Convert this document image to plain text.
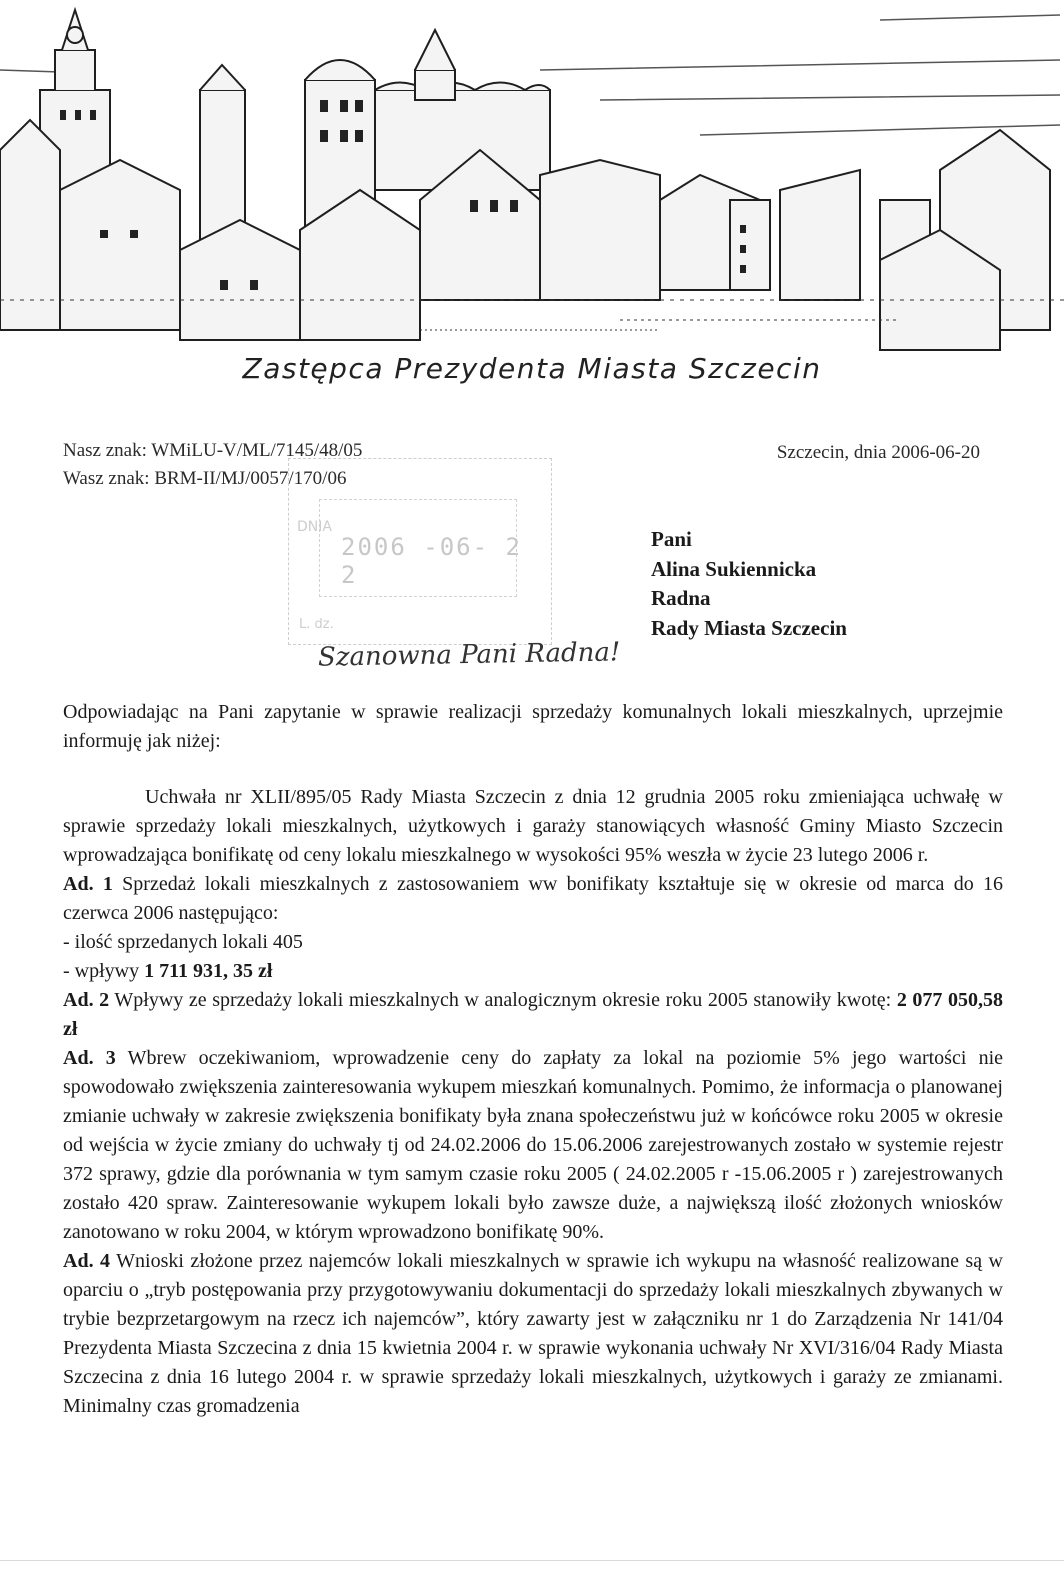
Zastępca Prezydenta Miasta Szczecin
Nasz znak: WMiLU-V/ML/7145/48/05
Wasz znak: BRM-II/MJ/0057/170/06
Szczecin, dnia 2006-06-20
DNIA
2006 -06- 2 2
L. dz.
Pani
Alina Sukiennicka
Radna
Rady Miasta Szczecin
Szanowna Pani Radna!
Odpowiadając na Pani zapytanie w sprawie realizacji sprzedaży komunalnych lokali mieszkalnych, uprzejmie informuję jak niżej:

Uchwała nr XLII/895/05 Rady Miasta Szczecin z dnia 12 grudnia 2005 roku zmieniająca uchwałę w sprawie sprzedaży lokali mieszkalnych, użytkowych i garaży stanowiących własność Gminy Miasto Szczecin wprowadzająca bonifikatę od ceny lokalu mieszkalnego w wysokości 95% weszła w życie 23 lutego 2006 r.

Ad. 1 Sprzedaż lokali mieszkalnych z zastosowaniem ww bonifikaty kształtuje się w okresie od marca do 16 czerwca 2006 następująco:

- ilość sprzedanych lokali 405

- wpływy 1 711 931, 35 zł

Ad. 2 Wpływy ze sprzedaży lokali mieszkalnych w analogicznym okresie roku 2005 stanowiły kwotę: 2 077 050,58 zł

Ad. 3 Wbrew oczekiwaniom, wprowadzenie ceny do zapłaty za lokal na poziomie 5% jego wartości nie spowodowało zwiększenia zainteresowania wykupem mieszkań komunalnych. Pomimo, że informacja o planowanej zmianie uchwały w zakresie zwiększenia bonifikaty była znana społeczeństwu już w końcówce roku 2005 w okresie od wejścia w życie zmiany do uchwały tj od 24.02.2006 do 15.06.2006 zarejestrowanych zostało w systemie rejestr 372 sprawy, gdzie dla porównania w tym samym czasie roku 2005 ( 24.02.2005 r -15.06.2005 r ) zarejestrowanych zostało 420 spraw. Zainteresowanie wykupem lokali było zawsze duże, a największą ilość złożonych wniosków zanotowano w roku 2004, w którym wprowadzono bonifikatę 90%.

Ad. 4 Wnioski złożone przez najemców lokali mieszkalnych w sprawie ich wykupu na własność realizowane są w oparciu o „tryb postępowania przy przygotowywaniu dokumentacji do sprzedaży lokali mieszkalnych zbywanych w trybie bezprzetargowym na rzecz ich najemców”, który zawarty jest w załączniku nr 1 do Zarządzenia Nr 141/04 Prezydenta Miasta Szczecina z dnia 15 kwietnia 2004 r. w sprawie wykonania uchwały Nr XVI/316/04 Rady Miasta Szczecina z dnia 16 lutego 2004 r. w sprawie sprzedaży lokali mieszkalnych, użytkowych i garaży ze zmianami. Minimalny czas gromadzenia
